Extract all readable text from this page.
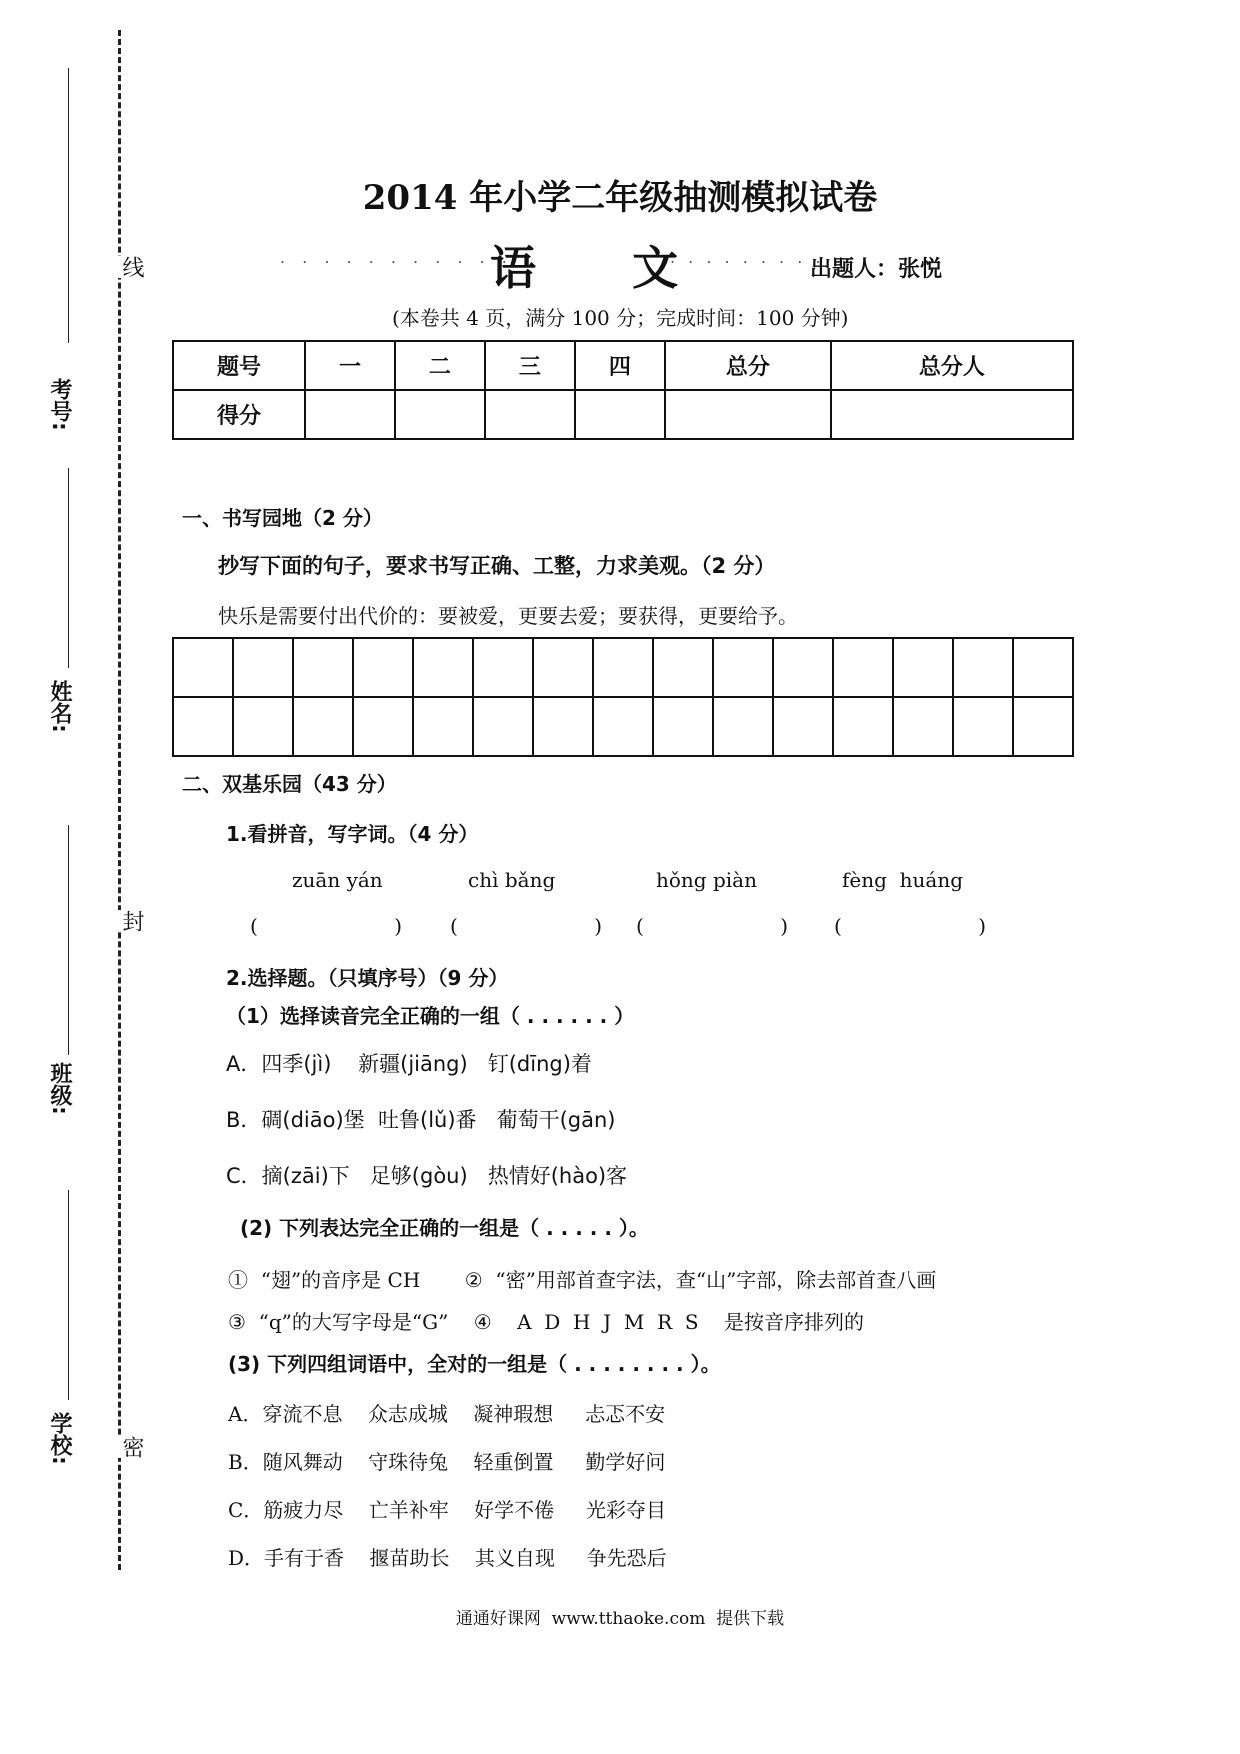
考号:
姓名:
班级:
学校:
线
封
密
2014 年小学二年级抽测模拟试卷
. . . . . . . . . . .
语      文
. . . . . . . . . .
出题人：张悦
(本卷共 4 页，满分 100 分；完成时间：100 分钟)
题号	一	二	三	四	总分	总分人
得分						
一、书写园地（2 分）
抄写下面的句子，要求书写正确、工整，力求美观。（2 分）
快乐是需要付出代价的：要被爱，更要去爱；要获得，更要给予。

二、双基乐园（43 分）
1.看拼音，写字词。（4 分）
zuān yán	chì bǎng	hǒng piàn	fèng  huáng
(	) (	) (	) (	)
2.选择题。（只填序号）（9 分）
（1）选择读音完全正确的一组（ . . . . . . ）
A．四季(jì)    新疆(jiāng)   钉(dīng)着
B．碉(diāo)堡  吐鲁(lǔ)番   葡萄干(gān)
C．摘(zāi)下   足够(gòu)   热情好(hào)客
(2) 下列表达完全正确的一组是（ . . . . . ）。
①  “翅”的音序是 CH       ②  “密”用部首查字法，查“山”字部，除去部首查八画
③  “q”的大写字母是“G”    ④    A  D  H  J  M  R  S    是按音序排列的
(3) 下列四组词语中，全对的一组是（ . . . . . . . . ）。
A．穿流不息    众志成城    凝神瑕想     忐忑不安
B．随风舞动    守珠待兔    轻重倒置     勤学好问
C．筋疲力尽    亡羊补牢    好学不倦     光彩夺目
D．手有于香    揠苗助长    其义自现     争先恐后
通通好课网  www.tthaoke.com  提供下载
